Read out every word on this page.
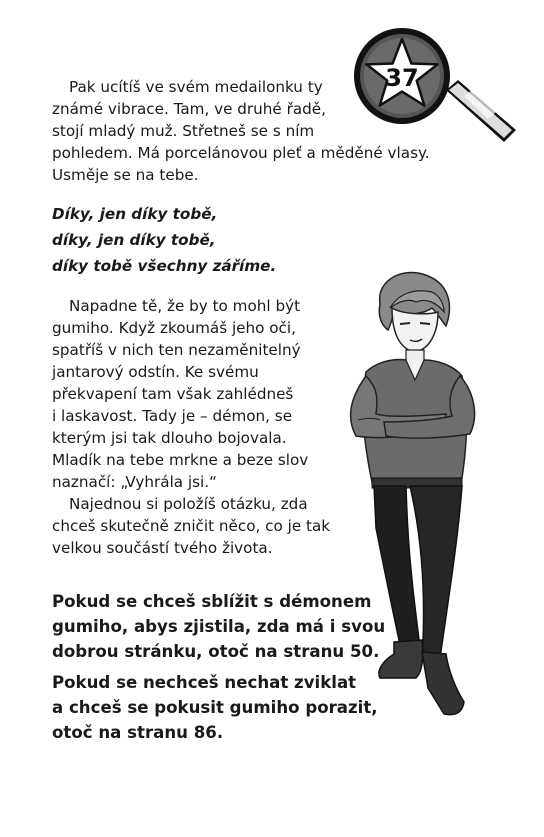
37

Pak ucítíš ve svém medailonku ty
známé vibrace. Tam, ve druhé řadě,
stojí mladý muž. Střetneš se s ním
pohledem. Má porcelánovou pleť a měděné vlasy.
Usměje se na tebe.

Díky, jen díky tobě,
díky, jen díky tobě,
díky tobě všechny záříme.

Napadne tě, že by to mohl být
gumiho. Když zkoumáš jeho oči,
spatříš v nich ten nezaměnitelný
jantarový odstín. Ke svému
překvapení tam však zahlédneš
i laskavost. Tady je – démon, se
kterým jsi tak dlouho bojovala.
Mladík na tebe mrkne a beze slov
naznačí: „Vyhrála jsi.“

Najednou si položíš otázku, zda
chceš skutečně zničit něco, co je tak
velkou součástí tvého života.

Pokud se chceš sblížit s démonem
gumiho, abys zjistila, zda má i svou
dobrou stránku, otoč na stranu 50.

Pokud se nechceš nechat zviklat
a chceš se pokusit gumiho porazit,
otoč na stranu 86.
